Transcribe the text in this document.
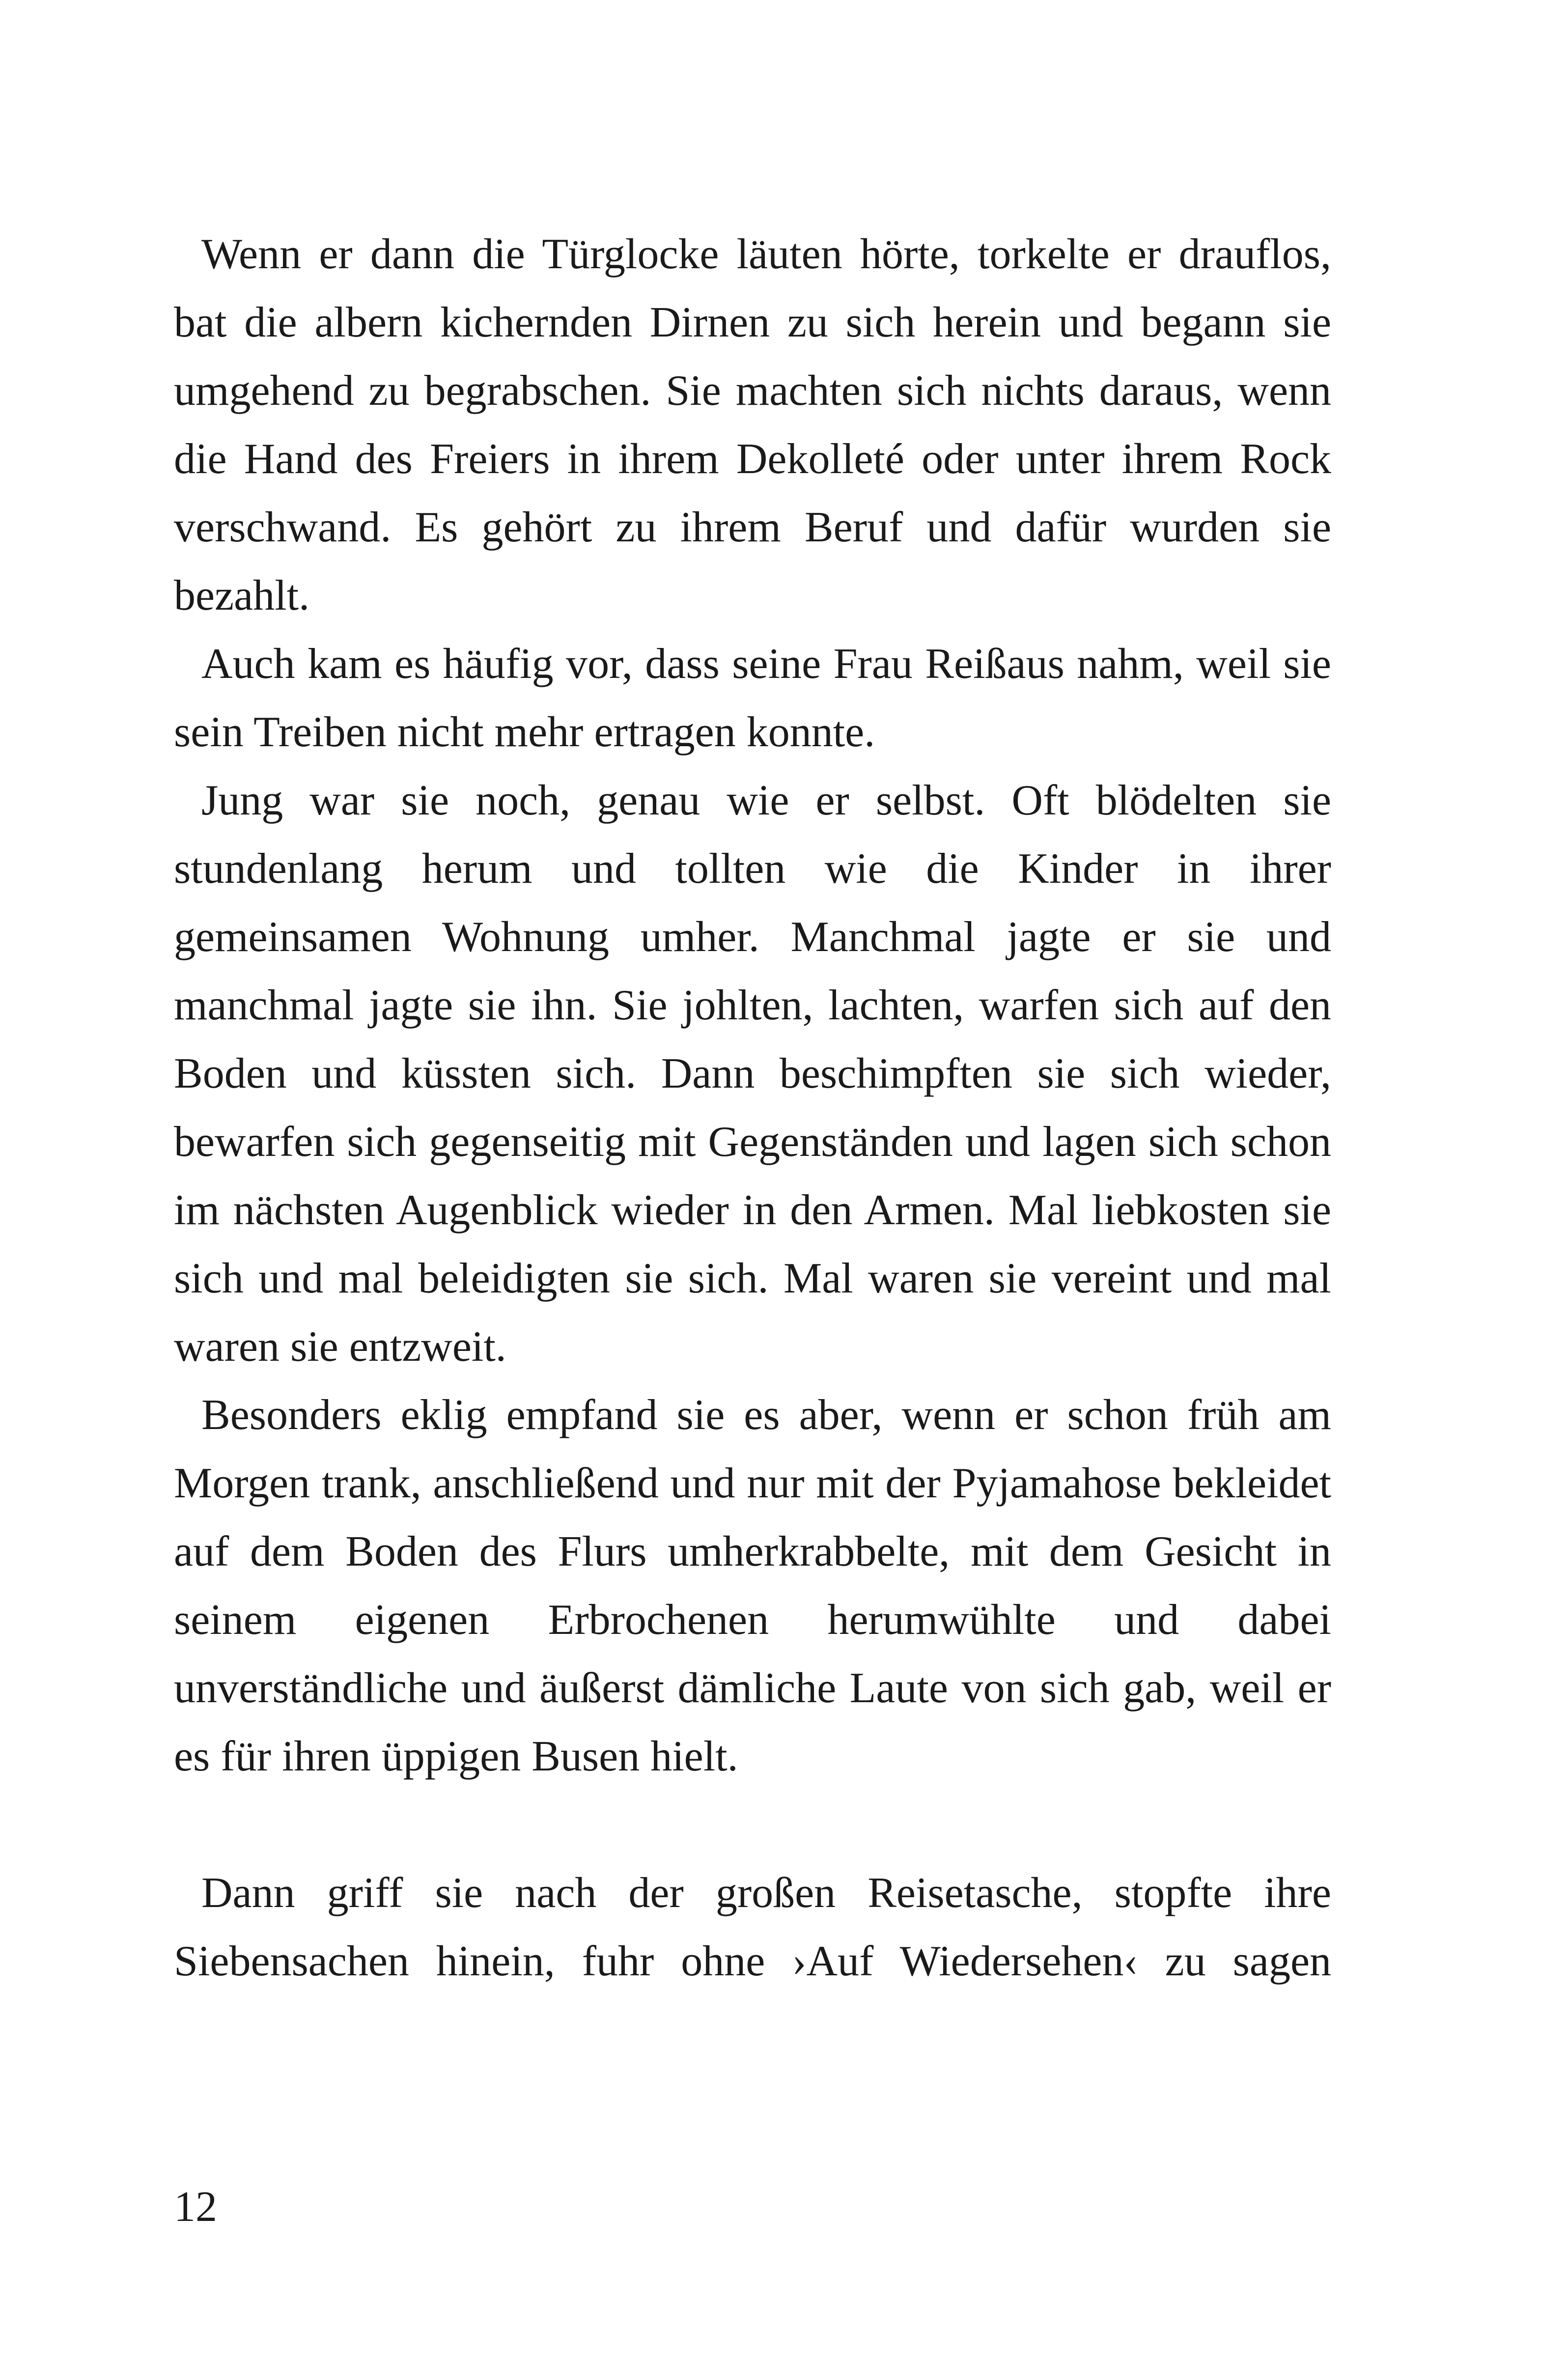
Wenn er dann die Türglocke läuten hörte, torkelte er drauflos, bat die albern kichernden Dirnen zu sich herein und begann sie umgehend zu begrabschen. Sie machten sich nichts daraus, wenn die Hand des Freiers in ihrem Dekolleté oder unter ihrem Rock verschwand. Es gehört zu ihrem Beruf und dafür wurden sie bezahlt.

Auch kam es häufig vor, dass seine Frau Reißaus nahm, weil sie sein Treiben nicht mehr ertragen konnte.

Jung war sie noch, genau wie er selbst. Oft blödelten sie stundenlang herum und tollten wie die Kinder in ihrer gemeinsamen Wohnung umher. Manchmal jagte er sie und manchmal jagte sie ihn. Sie johlten, lachten, warfen sich auf den Boden und küssten sich. Dann beschimpften sie sich wieder, bewarfen sich gegenseitig mit Gegenständen und lagen sich schon im nächsten Augenblick wieder in den Armen. Mal liebkosten sie sich und mal beleidigten sie sich. Mal waren sie vereint und mal waren sie entzweit.

Besonders eklig empfand sie es aber, wenn er schon früh am Morgen trank, anschließend und nur mit der Pyjamahose bekleidet auf dem Boden des Flurs umherkrabbelte, mit dem Gesicht in seinem eigenen Erbrochenen herumwühlte und dabei unverständliche und äußerst dämliche Laute von sich gab, weil er es für ihren üppigen Busen hielt.

Dann griff sie nach der großen Reisetasche, stopfte ihre Siebensachen hinein, fuhr ohne ›Auf Wiedersehen‹ zu sagen

12
